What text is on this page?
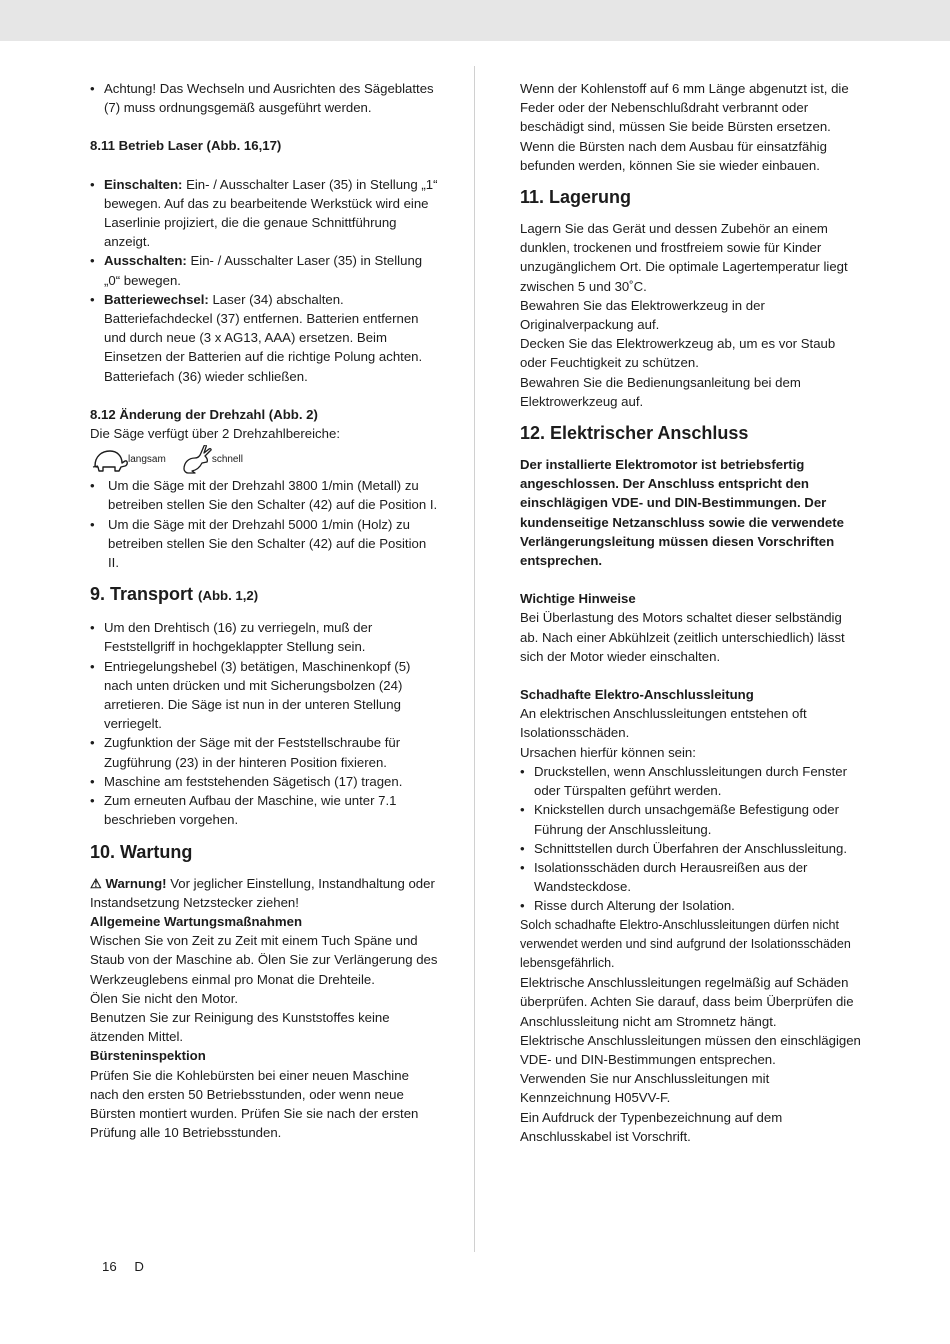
• Achtung! Das Wechseln und Ausrichten des Sägeblattes (7) muss ordnungsgemäß ausgeführt werden.

8.11 Betrieb Laser (Abb. 16,17)

• Einschalten: Ein- / Ausschalter Laser (35) in Stellung „1“ bewegen. Auf das zu bearbeitende Werkstück wird eine Laserlinie projiziert, die die genaue Schnittführung anzeigt.
• Ausschalten: Ein- / Ausschalter Laser (35) in Stellung „0“ bewegen.
• Batteriewechsel: Laser (34) abschalten. Batteriefachdeckel (37) entfernen. Batterien entfernen und durch neue (3 x AG13, AAA) ersetzen. Beim Einsetzen der Batterien auf die richtige Polung achten. Batteriefach (36) wieder schließen.

8.12 Änderung der Drehzahl (Abb. 2)

Die Säge verfügt über 2 Drehzahlbereiche:

langsam	schnell
• Um die Säge mit der Drehzahl 3800 1/min (Metall) zu betreiben stellen Sie den Schalter (42) auf die Position I.
• Um die Säge mit der Drehzahl 5000 1/min (Holz) zu betreiben stellen Sie den Schalter (42) auf die Position II.
9. Transport (Abb. 1,2)
• Um den Drehtisch (16) zu verriegeln, muß der Feststellgriff in hochgeklappter Stellung sein.
• Entriegelungshebel (3) betätigen, Maschinenkopf (5) nach unten drücken und mit Sicherungsbolzen (24) arretieren. Die Säge ist nun in der unteren Stellung verriegelt.
• Zugfunktion der Säge mit der Feststellschraube für Zugführung (23) in der hinteren Position fixieren.
• Maschine am feststehenden Sägetisch (17) tragen.
• Zum erneuten Aufbau der Maschine, wie unter 7.1 beschrieben vorgehen.
10. Wartung

⚠ Warnung! Vor jeglicher Einstellung, Instandhaltung oder Instandsetzung Netzstecker ziehen!

Allgemeine Wartungsmaßnahmen

Wischen Sie von Zeit zu Zeit mit einem Tuch Späne und Staub von der Maschine ab. Ölen Sie zur Verlängerung des Werkzeuglebens einmal pro Monat die Drehteile.

Ölen Sie nicht den Motor.

Benutzen Sie zur Reinigung des Kunststoffes keine ätzenden Mittel.

Bürsteninspektion

Prüfen Sie die Kohlebürsten bei einer neuen Maschine nach den ersten 50 Betriebsstunden, oder wenn neue Bürsten montiert wurden. Prüfen Sie sie nach der ersten Prüfung alle 10 Betriebsstunden.

Wenn der Kohlenstoff auf 6 mm Länge abgenutzt ist, die Feder oder der Nebenschlußdraht verbrannt oder beschädigt sind, müssen Sie beide Bürsten ersetzen. Wenn die Bürsten nach dem Ausbau für einsatzfähig befunden werden, können Sie sie wieder einbauen.

11. Lagerung

Lagern Sie das Gerät und dessen Zubehör an einem dunklen, trockenen und frostfreiem sowie für Kinder unzugänglichem Ort. Die optimale Lagertemperatur liegt zwischen 5 und 30˚C.

Bewahren Sie das Elektrowerkzeug in der Originalverpackung auf.

Decken Sie das Elektrowerkzeug ab, um es vor Staub oder Feuchtigkeit zu schützen.

Bewahren Sie die Bedienungsanleitung bei dem Elektrowerkzeug auf.

12. Elektrischer Anschluss

Der installierte Elektromotor ist betriebsfertig angeschlossen. Der Anschluss entspricht den einschlägigen VDE- und DIN-Bestimmungen. Der kundenseitige Netzanschluss sowie die verwendete Verlängerungsleitung müssen diesen Vorschriften entsprechen.

Wichtige Hinweise

Bei Überlastung des Motors schaltet dieser selbständig ab. Nach einer Abkühlzeit (zeitlich unterschiedlich) lässt sich der Motor wieder einschalten.

Schadhafte Elektro-Anschlussleitung

An elektrischen Anschlussleitungen entstehen oft Isolationsschäden.

Ursachen hierfür können sein:

• Druckstellen, wenn Anschlussleitungen durch Fenster oder Türspalten geführt werden.
• Knickstellen durch unsachgemäße Befestigung oder Führung der Anschlussleitung.
• Schnittstellen durch Überfahren der Anschlussleitung.
• Isolationsschäden durch Herausreißen aus der Wandsteckdose.
• Risse durch Alterung der Isolation.

Solch schadhafte Elektro-Anschlussleitungen dürfen nicht verwendet werden und sind aufgrund der Isolationsschäden lebensgefährlich.

Elektrische Anschlussleitungen regelmäßig auf Schäden überprüfen. Achten Sie darauf, dass beim Überprüfen die Anschlussleitung nicht am Stromnetz hängt.

Elektrische Anschlussleitungen müssen den einschlägigen VDE- und DIN-Bestimmungen entsprechen.

Verwenden Sie nur Anschlussleitungen mit Kennzeichnung H05VV-F.

Ein Aufdruck der Typenbezeichnung auf dem Anschlusskabel ist Vorschrift.

16 D
